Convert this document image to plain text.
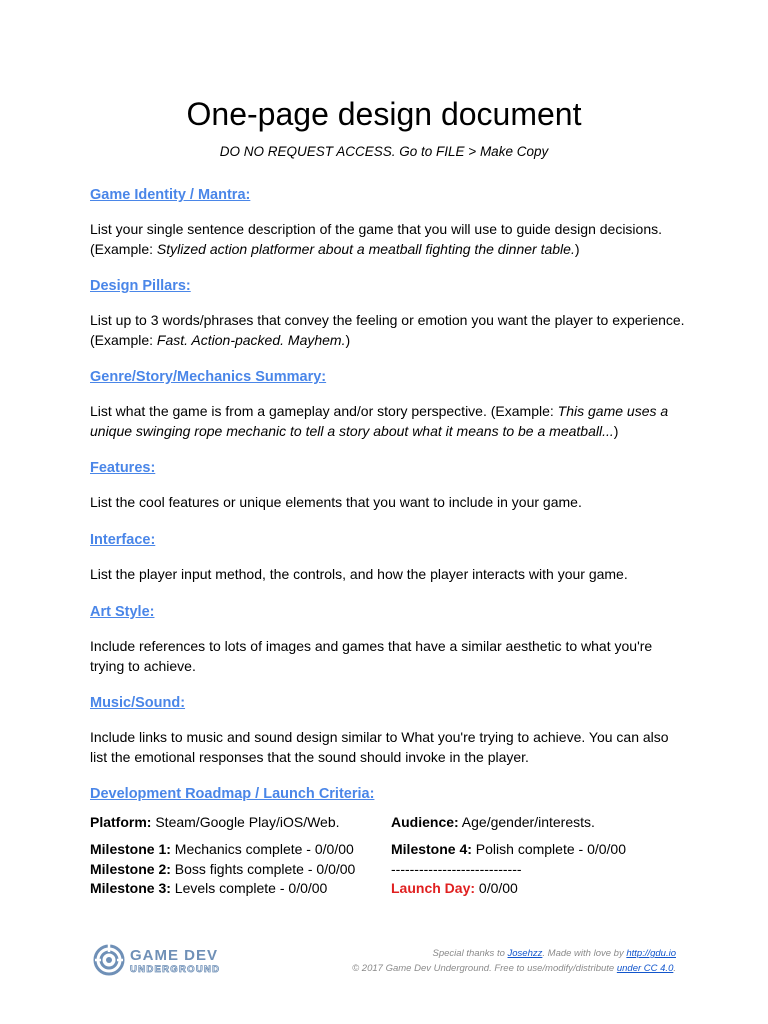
One-page design document
DO NO REQUEST ACCESS. Go to FILE > Make Copy
Game Identity / Mantra:
List your single sentence description of the game that you will use to guide design decisions.
(Example: Stylized action platformer about a meatball fighting the dinner table.)
Design Pillars:
List up to 3 words/phrases that convey the feeling or emotion you want the player to experience.
(Example: Fast. Action-packed. Mayhem.)
Genre/Story/Mechanics Summary:
List what the game is from a gameplay and/or story perspective. (Example: This game uses a
unique swinging rope mechanic to tell a story about what it means to be a meatball...)
Features:
List the cool features or unique elements that you want to include in your game.
Interface:
List the player input method, the controls, and how the player interacts with your game.
Art Style:
Include references to lots of images and games that have a similar aesthetic to what you're
trying to achieve.
Music/Sound:
Include links to music and sound design similar to What you're trying to achieve. You can also
list the emotional responses that the sound should invoke in the player.
Development Roadmap / Launch Criteria:
Platform: Steam/Google Play/iOS/Web.	Audience: Age/gender/interests.
Milestone 1: Mechanics complete - 0/0/00	Milestone 4: Polish complete - 0/0/00
Milestone 2: Boss fights complete - 0/0/00	----------------------------
Milestone 3: Levels complete - 0/0/00	Launch Day: 0/0/00
GAME DEV
UNDERGROUND
Special thanks to Josehzz. Made with love by http://gdu.io
© 2017 Game Dev Underground. Free to use/modify/distribute under CC 4.0.
